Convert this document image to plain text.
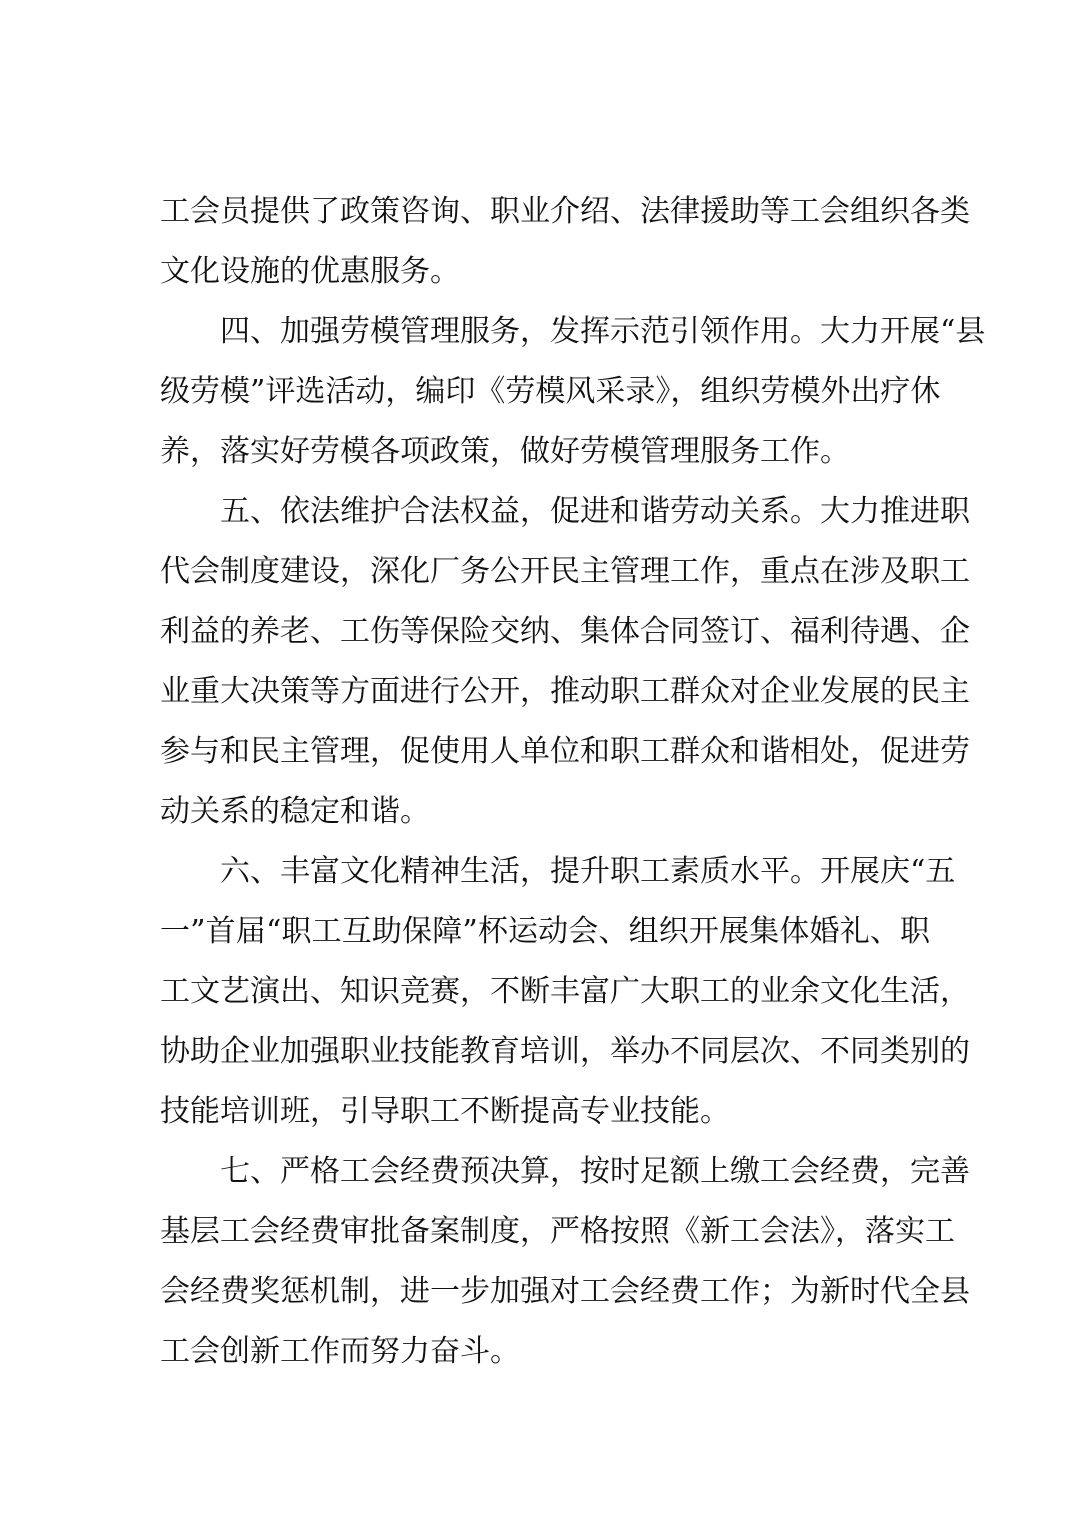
工会员提供了政策咨询、职业介绍、法律援助等工会组织各类
文化设施的优惠服务。
四、加强劳模管理服务，发挥示范引领作用。大力开展“县
级劳模”评选活动，编印《劳模风采录》，组织劳模外出疗休
养，落实好劳模各项政策，做好劳模管理服务工作。
五、依法维护合法权益，促进和谐劳动关系。大力推进职
代会制度建设，深化厂务公开民主管理工作，重点在涉及职工
利益的养老、工伤等保险交纳、集体合同签订、福利待遇、企
业重大决策等方面进行公开，推动职工群众对企业发展的民主
参与和民主管理，促使用人单位和职工群众和谐相处，促进劳
动关系的稳定和谐。
六、丰富文化精神生活，提升职工素质水平。开展庆“五
一”首届“职工互助保障”杯运动会、组织开展集体婚礼、职
工文艺演出、知识竞赛，不断丰富广大职工的业余文化生活，
协助企业加强职业技能教育培训，举办不同层次、不同类别的
技能培训班，引导职工不断提高专业技能。
七、严格工会经费预决算，按时足额上缴工会经费，完善
基层工会经费审批备案制度，严格按照《新工会法》，落实工
会经费奖惩机制，进一步加强对工会经费工作；为新时代全县
工会创新工作而努力奋斗。
